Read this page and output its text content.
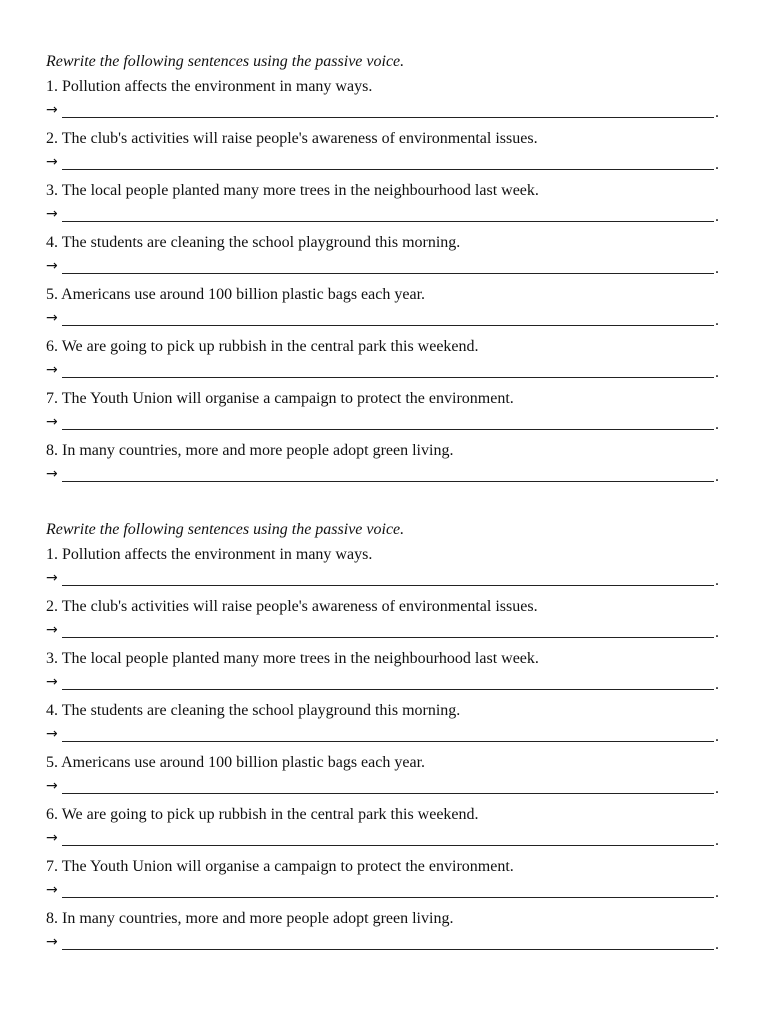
Rewrite the following sentences using the passive voice.
1. Pollution affects the environment in many ways.
→	.
2. The club's activities will raise people's awareness of environmental issues.
→	.
3. The local people planted many more trees in the neighbourhood last week.
→	.
4. The students are cleaning the school playground this morning.
→	.
5. Americans use around 100 billion plastic bags each year.
→	.
6. We are going to pick up rubbish in the central park this weekend.
→	.
7. The Youth Union will organise a campaign to protect the environment.
→	.
8. In many countries, more and more people adopt green living.
→	.
Rewrite the following sentences using the passive voice.
1. Pollution affects the environment in many ways.
→	.
2. The club's activities will raise people's awareness of environmental issues.
→	.
3. The local people planted many more trees in the neighbourhood last week.
→	.
4. The students are cleaning the school playground this morning.
→	.
5. Americans use around 100 billion plastic bags each year.
→	.
6. We are going to pick up rubbish in the central park this weekend.
→	.
7. The Youth Union will organise a campaign to protect the environment.
→	.
8. In many countries, more and more people adopt green living.
→	.
